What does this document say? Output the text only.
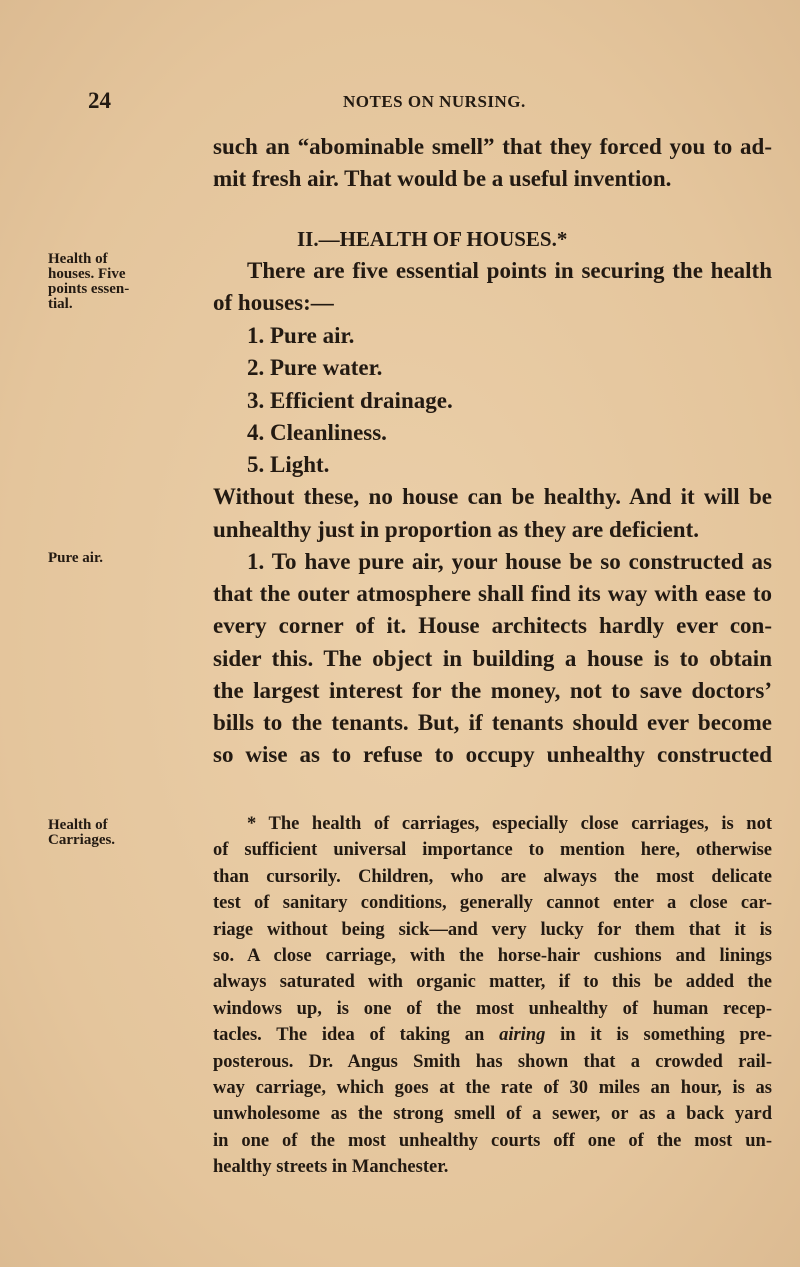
24	NOTES ON NURSING.
such an “abominable smell” that they forced you to ad-
mit fresh air. That would be a useful invention.
II.—HEALTH OF HOUSES.*
Health of
houses. Five
points essen-
tial.
There are five essential points in securing the health
of houses:—
1. Pure air.
2. Pure water.
3. Efficient drainage.
4. Cleanliness.
5. Light.
Without these, no house can be healthy. And it will be
unhealthy just in proportion as they are deficient.
Pure air.	1. To have pure air, your house be so constructed as
that the outer atmosphere shall find its way with ease to
every corner of it. House architects hardly ever con-
sider this. The object in building a house is to obtain
the largest interest for the money, not to save doctors’
bills to the tenants. But, if tenants should ever become
so wise as to refuse to occupy unhealthy constructed
Health of
Carriages.
* The health of carriages, especially close carriages, is not
of sufficient universal importance to mention here, otherwise
than cursorily. Children, who are always the most delicate
test of sanitary conditions, generally cannot enter a close car-
riage without being sick—and very lucky for them that it is
so. A close carriage, with the horse-hair cushions and linings
always saturated with organic matter, if to this be added the
windows up, is one of the most unhealthy of human recep-
tacles. The idea of taking an airing in it is something pre-
posterous. Dr. Angus Smith has shown that a crowded rail-
way carriage, which goes at the rate of 30 miles an hour, is as
unwholesome as the strong smell of a sewer, or as a back yard
in one of the most unhealthy courts off one of the most un-
healthy streets in Manchester.
